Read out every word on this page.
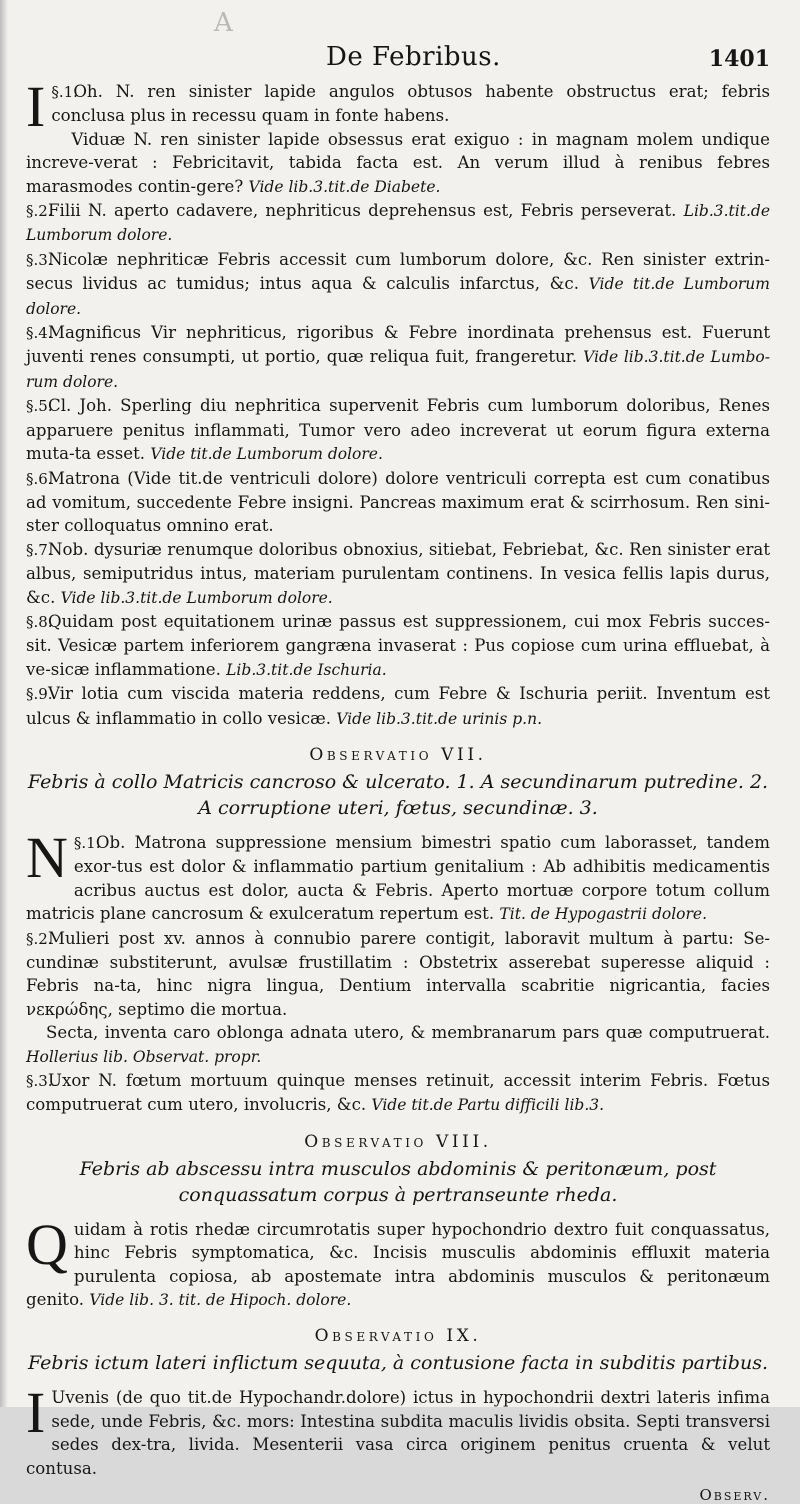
A
De Febribus.	1401

§.1.
I Oh. N. ren sinister lapide angulos obtusos habente obstructus erat; febris conclusa plus in recessu quam in fonte habens.

Viduæ N. ren sinister lapide obsessus erat exiguo : in magnam molem undique increve-verat : Febricitavit, tabida facta est. An verum illud à renibus febres marasmodes contin-gere? Vide lib.3.tit.de Diabete.

§.2.Filii N. aperto cadavere, nephriticus deprehensus est, Febris perseverat. Lib.3.tit.de Lumborum dolore.

§.3.Nicolæ nephriticæ Febris accessit cum lumborum dolore, &c. Ren sinister extrin-secus lividus ac tumidus; intus aqua & calculis infarctus, &c. Vide tit.de Lumborum dolore.

§.4.Magnificus Vir nephriticus, rigoribus & Febre inordinata prehensus est. Fuerunt juventi renes consumpti, ut portio, quæ reliqua fuit, frangeretur. Vide lib.3.tit.de Lumbo-rum dolore.

§.5.Cl. Joh. Sperling diu nephritica supervenit Febris cum lumborum doloribus, Renes apparuere penitus inflammati, Tumor vero adeo increverat ut eorum figura externa muta-ta esset. Vide tit.de Lumborum dolore.

§.6.Matrona (Vide tit.de ventriculi dolore) dolore ventriculi correpta est cum conatibus ad vomitum, succedente Febre insigni. Pancreas maximum erat & scirrhosum. Ren sini-ster colloquatus omnino erat.

§.7.Nob. dysuriæ renumque doloribus obnoxius, sitiebat, Febriebat, &c. Ren sinister erat albus, semiputridus intus, materiam purulentam continens. In vesica fellis lapis durus, &c. Vide lib.3.tit.de Lumborum dolore.

§.8.Quidam post equitationem urinæ passus est suppressionem, cui mox Febris succes-sit. Vesicæ partem inferiorem gangræna invaserat : Pus copiose cum urina effluebat, à ve-sicæ inflammatione. Lib.3.tit.de Ischuria.

§.9.Vir lotia cum viscida materia reddens, cum Febre & Ischuria periit. Inventum est ulcus & inflammatio in collo vesicæ. Vide lib.3.tit.de urinis p.n.

Observatio VII.
Febris à collo Matricis cancroso & ulcerato. 1. A secundinarum putredine. 2. A corruptione uteri, fœtus, secundinæ. 3.

§.1.
N Ob. Matrona suppressione mensium bimestri spatio cum laborasset, tandem exor-tus est dolor & inflammatio partium genitalium : Ab adhibitis medicamentis acribus auctus est dolor, aucta & Febris. Aperto mortuæ corpore totum collum matricis plane cancrosum & exulceratum repertum est. Tit. de Hypogastrii dolore.

§.2.Mulieri post xv. annos à connubio parere contigit, laboravit multum à partu: Se-cundinæ substiterunt, avulsæ frustillatim : Obstetrix asserebat superesse aliquid : Febris na-ta, hinc nigra lingua, Dentium intervalla scabritie nigricantia, facies νεκρώδης, septimo die mortua.

Secta, inventa caro oblonga adnata utero, & membranarum pars quæ computruerat. Hollerius lib. Observat. propr.

§.3.Uxor N. fœtum mortuum quinque menses retinuit, accessit interim Febris. Fœtus computruerat cum utero, involucris, &c. Vide tit.de Partu difficili lib.3.

Observatio VIII.
Febris ab abscessu intra musculos abdominis & peritonæum, post conquassatum corpus à pertranseunte rheda.

Quidam à rotis rhedæ circumrotatis super hypochondrio dextro fuit conquassatus, hinc Febris symptomatica, &c. Incisis musculis abdominis effluxit materia purulenta copiosa, ab apostemate intra abdominis musculos & peritonæum genito. Vide lib. 3. tit. de Hipoch. dolore.

Observatio IX.
Febris ictum lateri inflictum sequuta, à contusione facta in subditis partibus.

I Uvenis (de quo tit.de Hypochandr.dolore) ictus in hypochondrii dextri lateris infima sede, unde Febris, &c. mors: Intestina subdita maculis lividis obsita. Septi transversi sedes dex-tra, livida. Mesenterii vasa circa originem penitus cruenta & velut contusa.

Observ.
